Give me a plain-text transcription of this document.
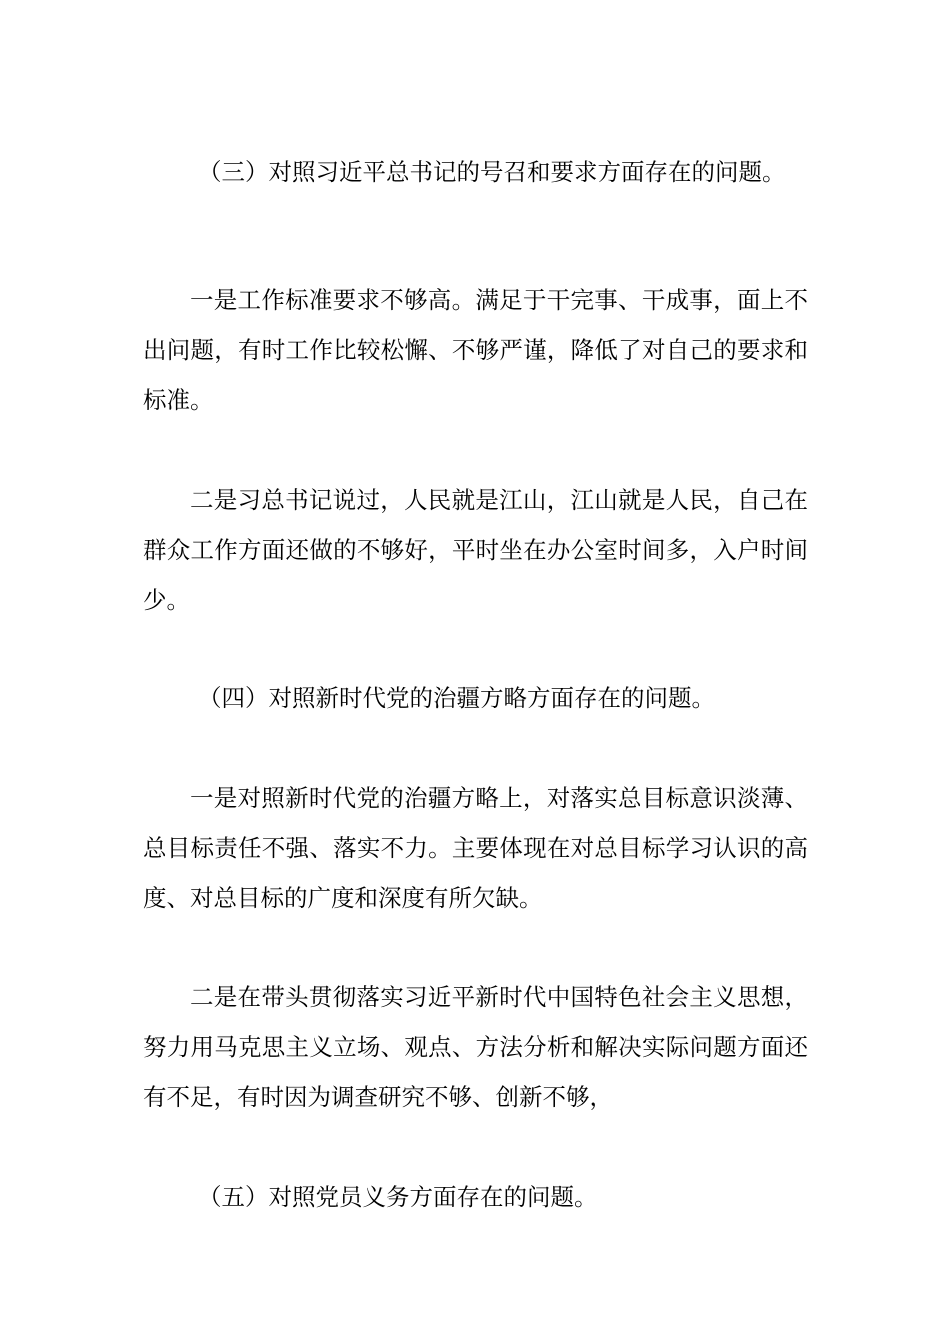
（三）对照习近平总书记的号召和要求方面存在的问题。

一是工作标准要求不够高。满足于干完事、干成事，面上不出问题，有时工作比较松懈、不够严谨，降低了对自己的要求和标准。

二是习总书记说过，人民就是江山，江山就是人民，自己在群众工作方面还做的不够好，平时坐在办公室时间多，入户时间少。

（四）对照新时代党的治疆方略方面存在的问题。

一是对照新时代党的治疆方略上，对落实总目标意识淡薄、总目标责任不强、落实不力。主要体现在对总目标学习认识的高度、对总目标的广度和深度有所欠缺。

二是在带头贯彻落实习近平新时代中国特色社会主义思想，努力用马克思主义立场、观点、方法分析和解决实际问题方面还有不足，有时因为调查研究不够、创新不够，

（五）对照党员义务方面存在的问题。
